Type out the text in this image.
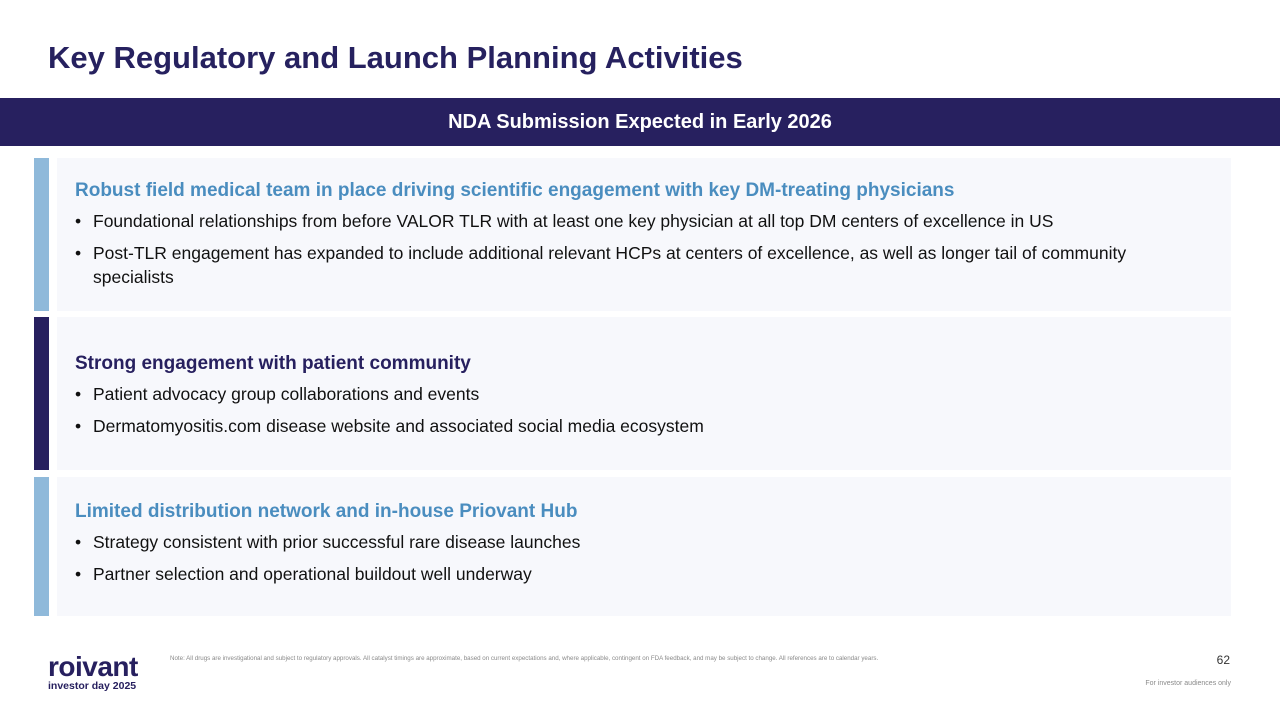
Key Regulatory and Launch Planning Activities
NDA Submission Expected in Early 2026
Robust field medical team in place driving scientific engagement with key DM-treating physicians
• Foundational relationships from before VALOR TLR with at least one key physician at all top DM centers of excellence in US
• Post-TLR engagement has expanded to include additional relevant HCPs at centers of excellence, as well as longer tail of community specialists
Strong engagement with patient community
• Patient advocacy group collaborations and events
• Dermatomyositis.com disease website and associated social media ecosystem
Limited distribution network and in-house Priovant Hub
• Strategy consistent with prior successful rare disease launches
• Partner selection and operational buildout well underway
roivant
investor day 2025
Note: All drugs are investigational and subject to regulatory approvals. All catalyst timings are approximate, based on current expectations and, where applicable, contingent on FDA feedback, and may be subject to change. All references are to calendar years.	62
For investor audiences only
